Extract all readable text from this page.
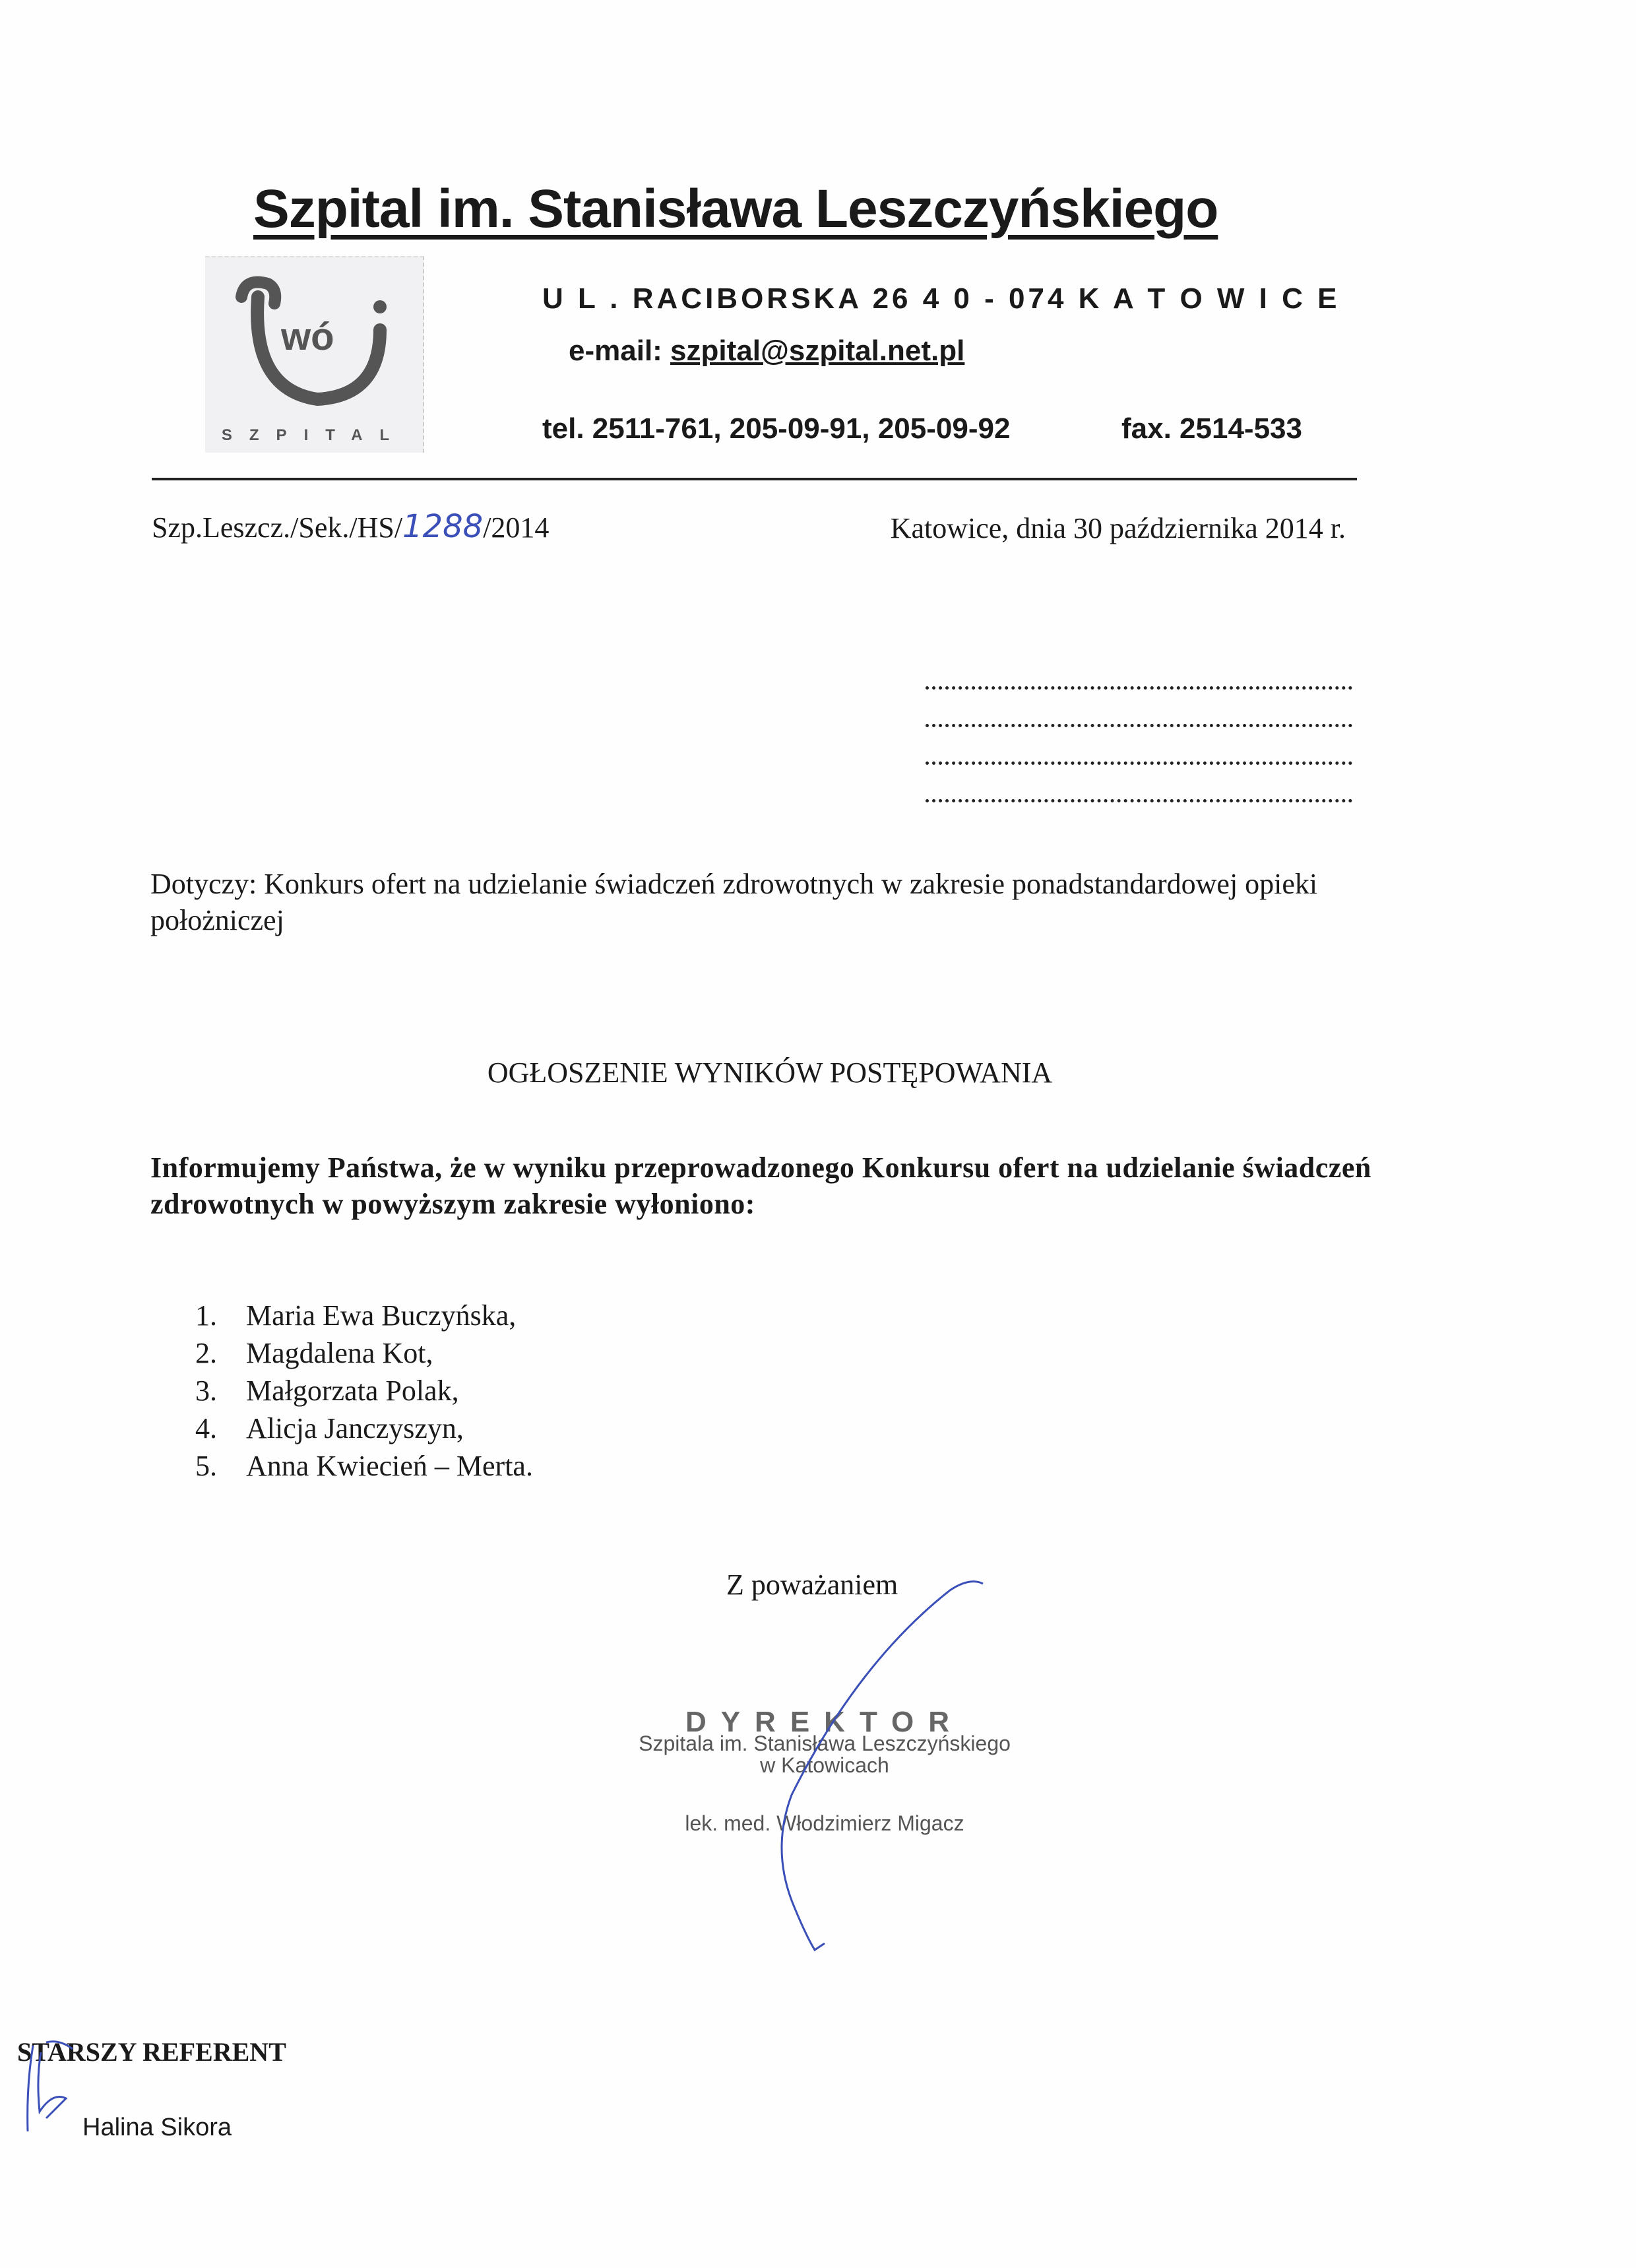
Szpital im. Stanisława Leszczyńskiego
wó
SZPITAL
U L . RACIBORSKA 26 4 0 - 074 K A T O W I C E
e-mail: szpital@szpital.net.pl
tel. 2511-761, 205-09-91, 205-09-92	fax. 2514-533
Szp.Leszcz./Sek./HS/1288/2014	Katowice, dnia 30 października 2014 r.
Dotyczy: Konkurs ofert na udzielanie świadczeń zdrowotnych w zakresie ponadstandardowej opieki położniczej
OGŁOSZENIE WYNIKÓW POSTĘPOWANIA
Informujemy Państwa, że w wyniku przeprowadzonego Konkursu ofert na udzielanie świadczeń zdrowotnych w powyższym zakresie wyłoniono:
1. Maria Ewa Buczyńska,
2. Magdalena Kot,
3. Małgorzata Polak,
4. Alicja Janczyszyn,
5. Anna Kwiecień – Merta.
Z poważaniem
DYREKTOR
Szpitala im. Stanisława Leszczyńskiego
w Katowicach
lek. med. Włodzimierz Migacz
STARSZY REFERENT
Halina Sikora
